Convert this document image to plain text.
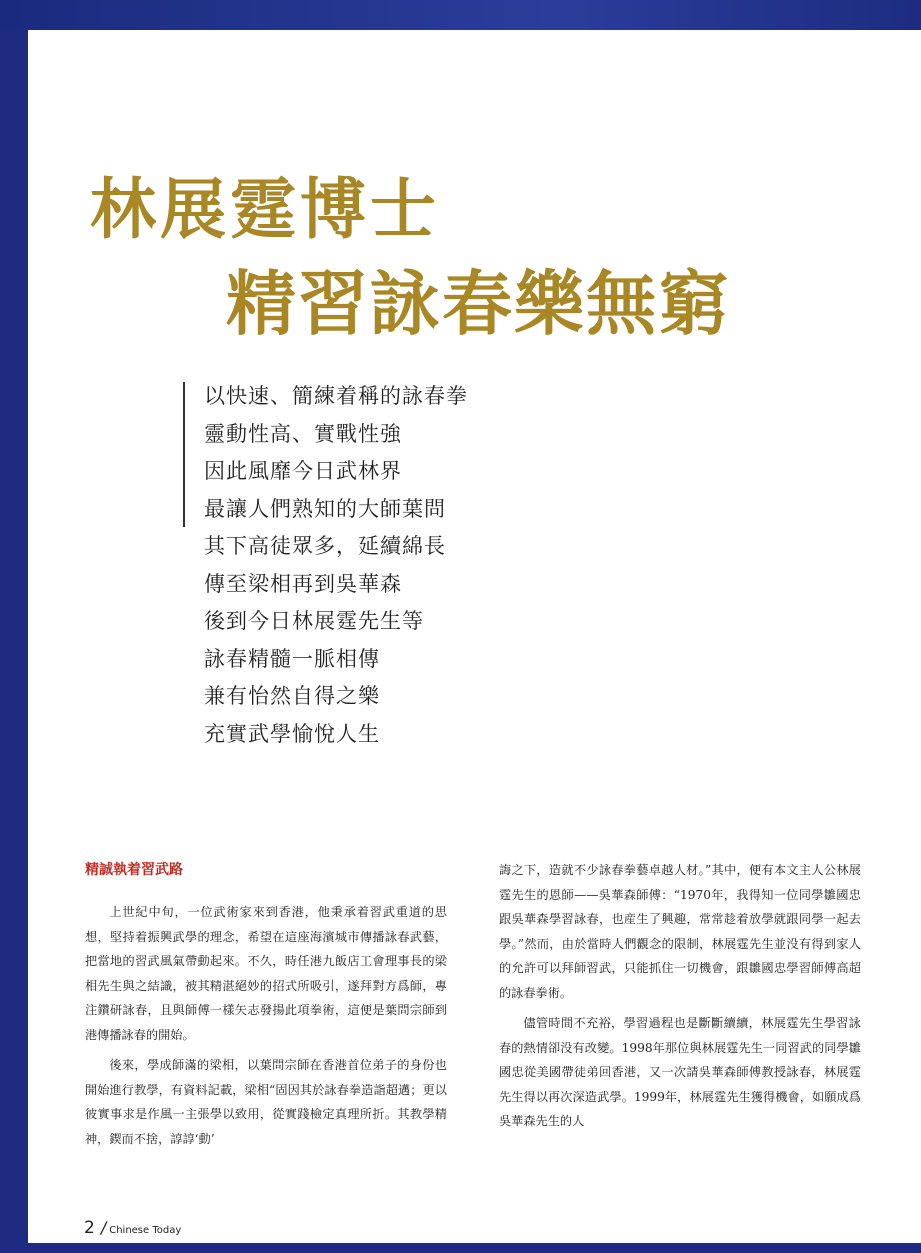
林展霆博士
精習詠春樂無窮
以快速、簡練着稱的詠春拳
靈動性高、實戰性強
因此風靡今日武林界
最讓人們熟知的大師葉問
其下高徒眾多，延續綿長
傳至梁相再到吳華森
後到今日林展霆先生等
詠春精髓一脈相傳
兼有怡然自得之樂
充實武學愉悅人生
精誠執着習武路

上世紀中旬，一位武術家來到香港，他秉承着習武重道的思想，堅持着振興武學的理念，希望在這座海濱城市傳播詠春武藝，把當地的習武風氣帶動起來。不久，時任港九飯店工會理事長的梁相先生與之結識，被其精湛絕妙的招式所吸引，遂拜對方爲師，專注鑽研詠春，且與師傅一樣矢志發揚此項拳術，這便是葉問宗師到港傳播詠春的開始。

後來，學成師滿的梁相，以葉問宗師在香港首位弟子的身份也開始進行教學，有資料記載，梁相“固因其於詠春拳造詣超邁；更以彼實事求是作風一主張學以致用，從實踐檢定真理所折。其教學精神，鍥而不捨，諄諄‘動’

誨之下，造就不少詠春拳藝卓越人材。”其中，便有本文主人公林展霆先生的恩師——吳華森師傅：“1970年，我得知一位同學雛國忠跟吳華森學習詠春，也産生了興趣，常常趁着放學就跟同學一起去學。”然而，由於當時人們觀念的限制，林展霆先生並没有得到家人的允許可以拜師習武，只能抓住一切機會，跟雛國忠學習師傅高超的詠春拳術。

儘管時間不充裕，學習過程也是斷斷續續，林展霆先生學習詠春的熱情卻没有改變。1998年那位與林展霆先生一同習武的同學雛國忠從美國帶徒弟回香港，又一次請吳華森師傅教授詠春，林展霆先生得以再次深造武學。1999年，林展霆先生獲得機會，如願成爲吳華森先生的人

2 / Chinese Today
